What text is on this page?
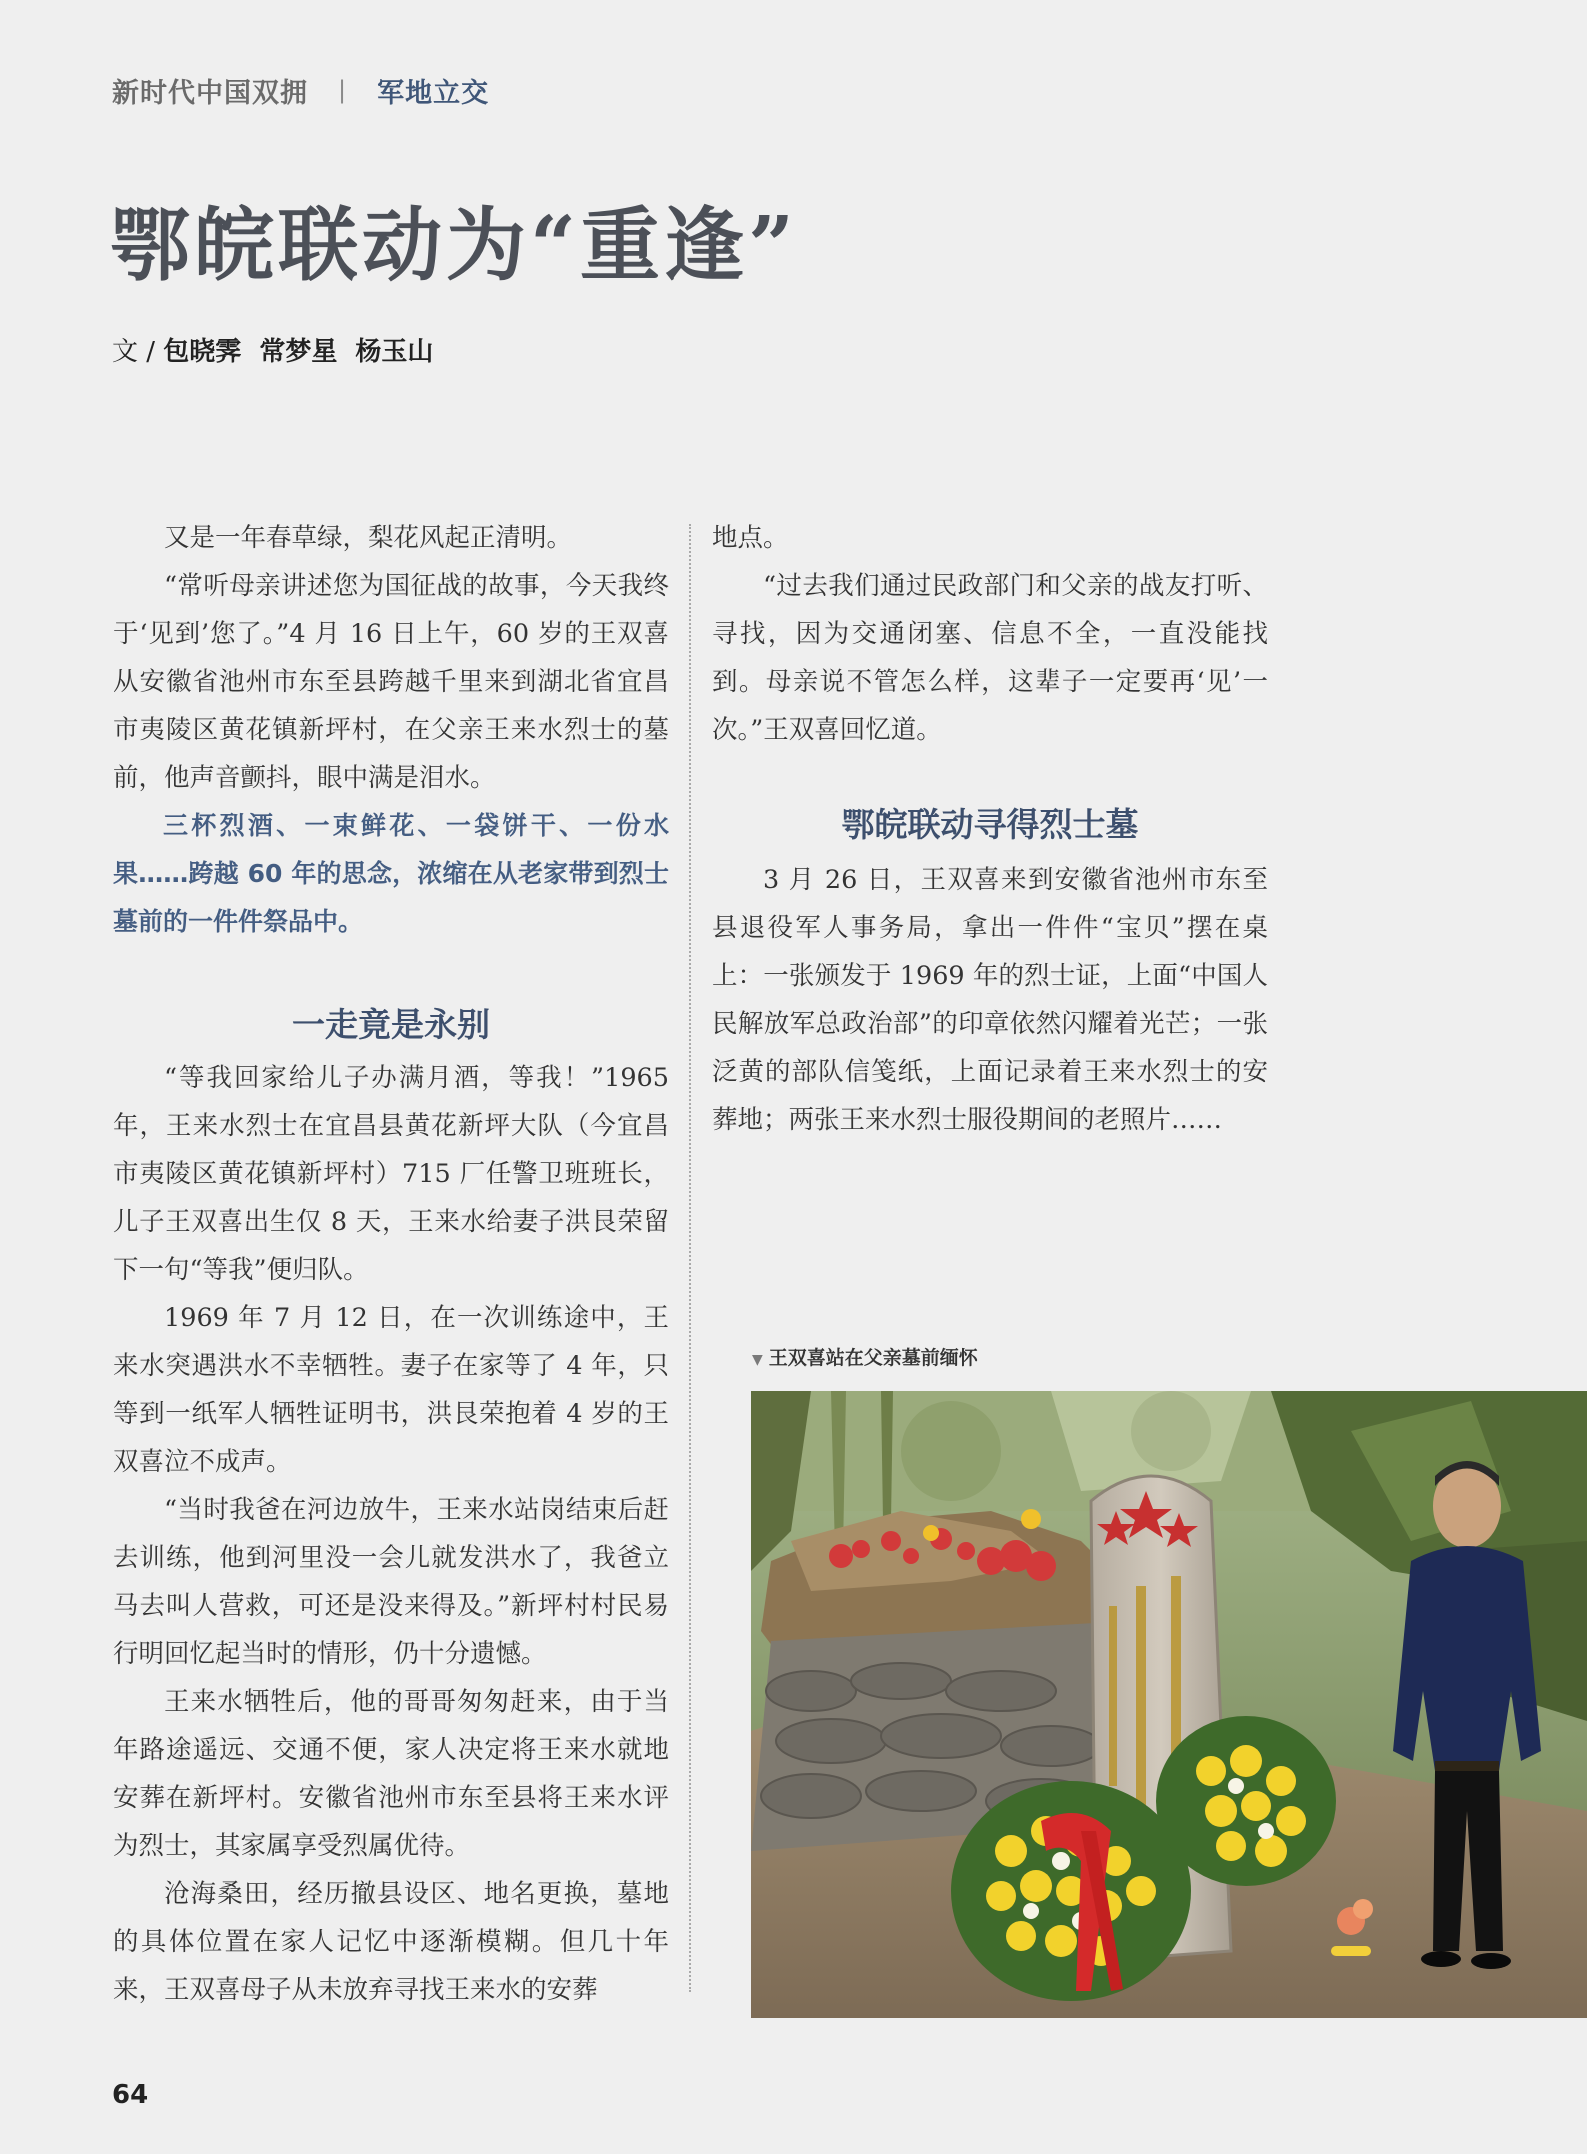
新时代中国双拥 | 军地立交
鄂皖联动为“重逢”
文 / 包晓霁 常梦星 杨玉山

又是一年春草绿，梨花风起正清明。

“常听母亲讲述您为国征战的故事，今天我终于‘见到’您了。”4 月 16 日上午，60 岁的王双喜从安徽省池州市东至县跨越千里来到湖北省宜昌市夷陵区黄花镇新坪村，在父亲王来水烈士的墓前，他声音颤抖，眼中满是泪水。

三杯烈酒、一束鲜花、一袋饼干、一份水果……跨越 60 年的思念，浓缩在从老家带到烈士墓前的一件件祭品中。

一走竟是永别

“等我回家给儿子办满月酒，等我！”1965 年，王来水烈士在宜昌县黄花新坪大队（今宜昌市夷陵区黄花镇新坪村）715 厂任警卫班班长，儿子王双喜出生仅 8 天，王来水给妻子洪艮荣留下一句“等我”便归队。

1969 年 7 月 12 日，在一次训练途中，王来水突遇洪水不幸牺牲。妻子在家等了 4 年，只等到一纸军人牺牲证明书，洪艮荣抱着 4 岁的王双喜泣不成声。

“当时我爸在河边放牛，王来水站岗结束后赶去训练，他到河里没一会儿就发洪水了，我爸立马去叫人营救，可还是没来得及。”新坪村村民易行明回忆起当时的情形，仍十分遗憾。

王来水牺牲后，他的哥哥匆匆赶来，由于当年路途遥远、交通不便，家人决定将王来水就地安葬在新坪村。安徽省池州市东至县将王来水评为烈士，其家属享受烈属优待。

沧海桑田，经历撤县设区、地名更换，墓地的具体位置在家人记忆中逐渐模糊。但几十年来，王双喜母子从未放弃寻找王来水的安葬

地点。

“过去我们通过民政部门和父亲的战友打听、寻找，因为交通闭塞、信息不全，一直没能找到。母亲说不管怎么样，这辈子一定要再‘见’一次。”王双喜回忆道。

鄂皖联动寻得烈士墓

3 月 26 日，王双喜来到安徽省池州市东至县退役军人事务局，拿出一件件“宝贝”摆在桌上：一张颁发于 1969 年的烈士证，上面“中国人民解放军总政治部”的印章依然闪耀着光芒；一张泛黄的部队信笺纸，上面记录着王来水烈士的安葬地；两张王来水烈士服役期间的老照片……

▼ 王双喜站在父亲墓前缅怀
64
